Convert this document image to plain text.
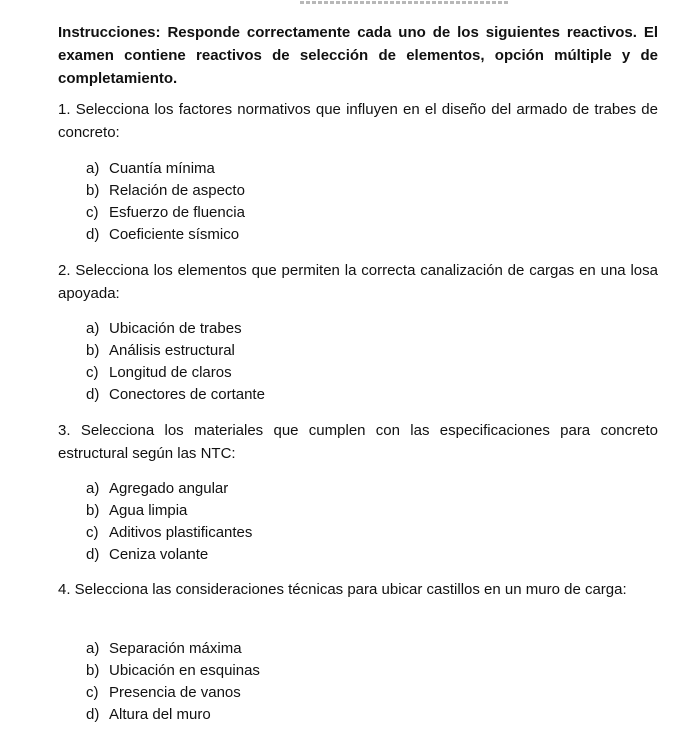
Instrucciones: Responde correctamente cada uno de los siguientes reactivos. El examen contiene reactivos de selección de elementos, opción múltiple y de completamiento.
1. Selecciona los factores normativos que influyen en el diseño del armado de trabes de concreto:
a) Cuantía mínima
b) Relación de aspecto
c) Esfuerzo de fluencia
d) Coeficiente sísmico
2. Selecciona los elementos que permiten la correcta canalización de cargas en una losa apoyada:
a) Ubicación de trabes
b) Análisis estructural
c) Longitud de claros
d) Conectores de cortante
3. Selecciona los materiales que cumplen con las especificaciones para concreto estructural según las NTC:
a) Agregado angular
b) Agua limpia
c) Aditivos plastificantes
d) Ceniza volante
4. Selecciona las consideraciones técnicas para ubicar castillos en un muro de carga:
a) Separación máxima
b) Ubicación en esquinas
c) Presencia de vanos
d) Altura del muro
